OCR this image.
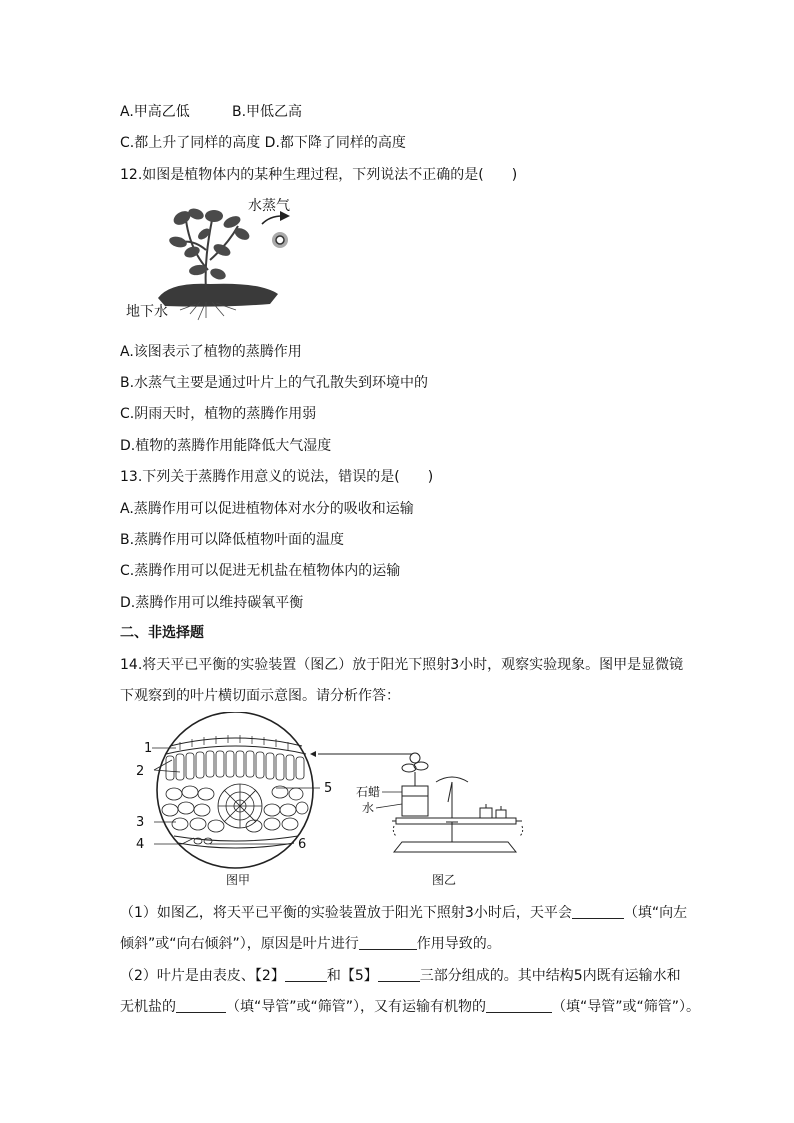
A.甲高乙低	B.甲低乙高
C.都上升了同样的高度 D.都下降了同样的高度
12.如图是植物体内的某种生理过程，下列说法不正确的是(　　)
水蒸气
地下水
A.该图表示了植物的蒸腾作用
B.水蒸气主要是通过叶片上的气孔散失到环境中的
C.阴雨天时，植物的蒸腾作用弱
D.植物的蒸腾作用能降低大气湿度
13.下列关于蒸腾作用意义的说法，错误的是(　　)
A.蒸腾作用可以促进植物体对水分的吸收和运输
B.蒸腾作用可以降低植物叶面的温度
C.蒸腾作用可以促进无机盐在植物体内的运输
D.蒸腾作用可以维持碳氧平衡
二、非选择题
14.将天平已平衡的实验装置（图乙）放于阳光下照射3小时，观察实验现象。图甲是显微镜
下观察到的叶片横切面示意图。请分析作答：
1
2
5
3
4	6
石蜡
水
图甲	图乙
（1）如图乙，将天平已平衡的实验装置放于阳光下照射3小时后，天平会	（填“向左
倾斜”或“向右倾斜”），原因是叶片进行	作用导致的。
（2）叶片是由表皮、【2】	和【5】	三部分组成的。其中结构5内既有运输水和
无机盐的	（填“导管”或“筛管”），又有运输有机物的	（填“导管”或“筛管”）。
